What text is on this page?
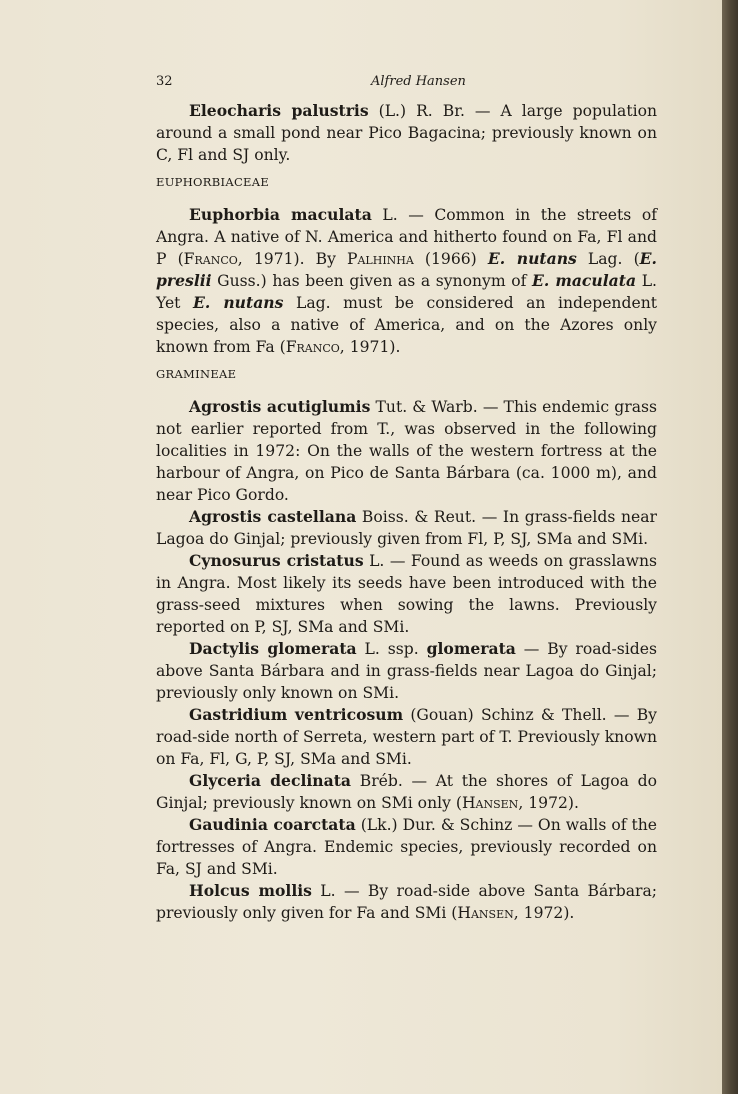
32	Alfred Hansen

Eleocharis palustris (L.) R. Br. — A large population around a small pond near Pico Bagacina; previously known on C, Fl and SJ only.

EUPHORBIACEAE

Euphorbia maculata L. — Common in the streets of Angra. A native of N. America and hitherto found on Fa, Fl and P (Franco, 1971). By Palhinha (1966) E. nutans Lag. (E. preslii Guss.) has been given as a synonym of E. maculata L. Yet E. nutans Lag. must be considered an independent species, also a native of America, and on the Azores only known from Fa (Franco, 1971).

GRAMINEAE

Agrostis acutiglumis Tut. & Warb. — This endemic grass not earlier reported from T., was observed in the following localities in 1972: On the walls of the western fortress at the harbour of Angra, on Pico de Santa Bárbara (ca. 1000 m), and near Pico Gordo.

Agrostis castellana Boiss. & Reut. — In grass-fields near Lagoa do Ginjal; previously given from Fl, P, SJ, SMa and SMi.

Cynosurus cristatus L. — Found as weeds on grasslawns in Angra. Most likely its seeds have been introduced with the grass-seed mixtures when sowing the lawns. Previously reported on P, SJ, SMa and SMi.

Dactylis glomerata L. ssp. glomerata — By road-sides above Santa Bárbara and in grass-fields near Lagoa do Ginjal; previously only known on SMi.

Gastridium ventricosum (Gouan) Schinz & Thell. — By road-side north of Serreta, western part of T. Previously known on Fa, Fl, G, P, SJ, SMa and SMi.

Glyceria declinata Bréb. — At the shores of Lagoa do Ginjal; previously known on SMi only (Hansen, 1972).

Gaudinia coarctata (Lk.) Dur. & Schinz — On walls of the fortresses of Angra. Endemic species, previously recorded on Fa, SJ and SMi.

Holcus mollis L. — By road-side above Santa Bárbara; previously only given for Fa and SMi (Hansen, 1972).
